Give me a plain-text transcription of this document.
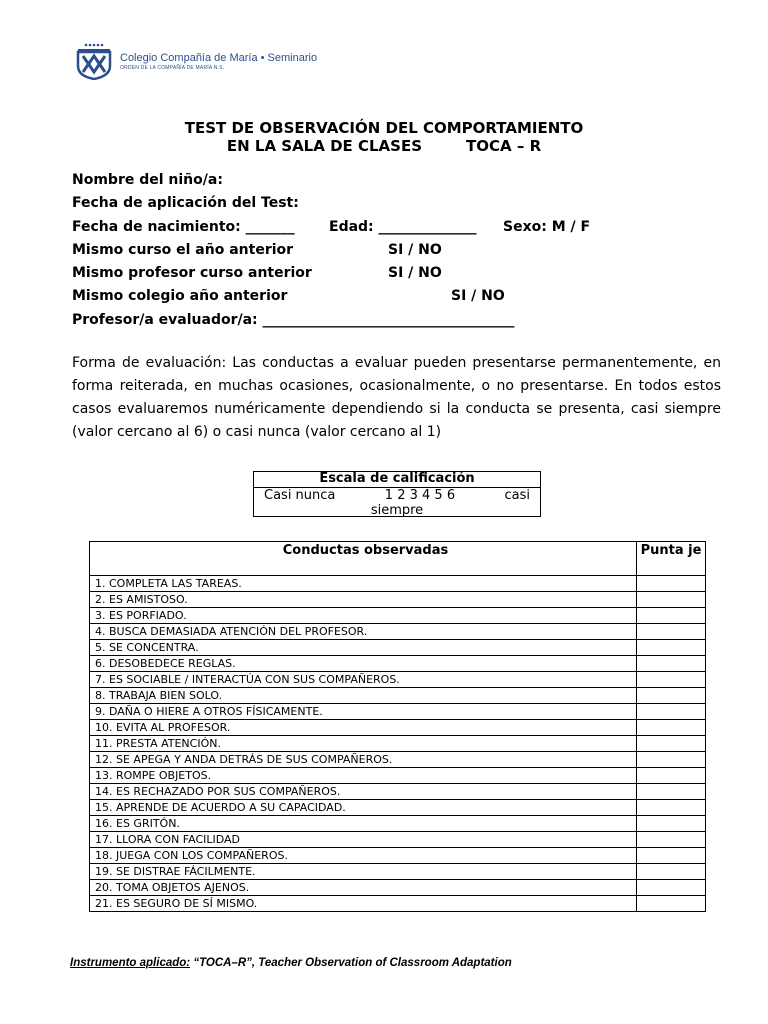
Colegio Compañía de María • Seminario
ORDEN DE LA COMPAÑÍA DE MARÍA N.S.
TEST DE OBSERVACIÓN DEL COMPORTAMIENTO
EN LA SALA DE CLASES	TOCA – R
Nombre del niño/a:
Fecha de aplicación del Test:

Fecha de nacimiento: _______

Edad: ______________

Sexo: M / F

Mismo curso el año anterior

	SI / NO

Mismo profesor curso anterior

	SI / NO

Mismo colegio año anterior

	SI / NO

Profesor/a evaluador/a: ____________________________________
Forma de evaluación: Las conductas a evaluar pueden presentarse permanentemente, en forma reiterada, en muchas ocasiones, ocasionalmente, o no presentarse. En todos estos casos evaluaremos numéricamente dependiendo si la conducta se presenta, casi siempre (valor cercano al 6) o casi nunca (valor cercano al 1)
Escala de calificación
Casi nunca	1 2 3 4 5 6	casi
siempre
Conductas observadas	Punta je
1. COMPLETA LAS TAREAS.	
2. ES AMISTOSO.	
3. ES PORFIADO.	
4. BUSCA DEMASIADA ATENCIÓN DEL PROFESOR.	
5. SE CONCENTRA.	
6. DESOBEDECE REGLAS.	
7. ES SOCIABLE / INTERACTÚA CON SUS COMPAÑEROS.	
8. TRABAJA BIEN SOLO.	
9. DAÑA O HIERE A OTROS FÍSICAMENTE.	
10. EVITA AL PROFESOR.	
11. PRESTA ATENCIÓN.	
12. SE APEGA Y ANDA DETRÁS DE SUS COMPAÑEROS.	
13. ROMPE OBJETOS.	
14. ES RECHAZADO POR SUS COMPAÑEROS.	
15. APRENDE DE ACUERDO A SU CAPACIDAD.	
16. ES GRITÓN.	
17. LLORA CON FACILIDAD	
18. JUEGA CON LOS COMPAÑEROS.	
19. SE DISTRAE FÁCILMENTE.	
20. TOMA OBJETOS AJENOS.	
21. ES SEGURO DE SÍ MISMO.	
Instrumento aplicado: “TOCA–R”, Teacher Observation of Classroom Adaptation
